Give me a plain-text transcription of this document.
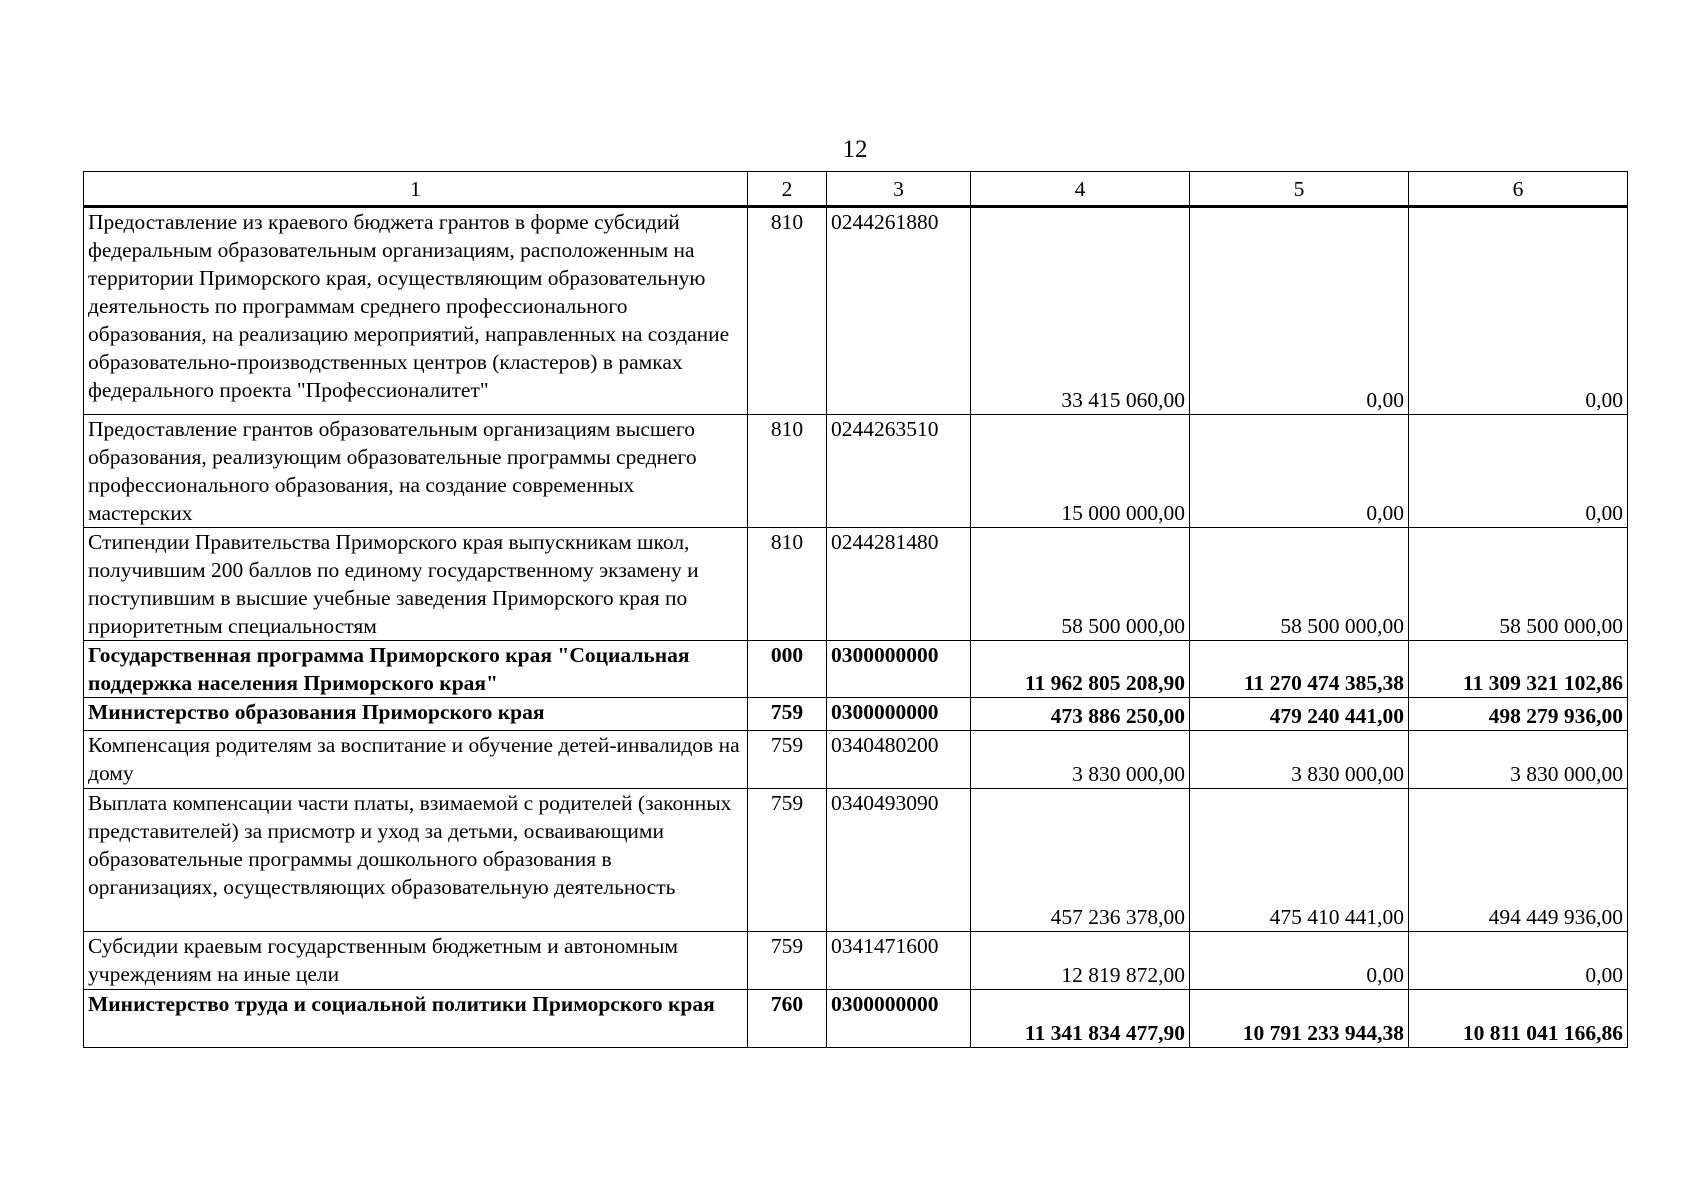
12
1	2	3	4	5	6
Предоставление из краевого бюджета грантов в форме субсидий федеральным образовательным организациям, расположенным на территории Приморского края, осуществляющим образовательную деятельность по программам среднего профессионального образования, на реализацию мероприятий, направленных на создание образовательно-производственных центров (кластеров) в рамках федерального проекта "Профессионалитет"	810	0244261880	33 415 060,00	0,00	0,00
Предоставление грантов образовательным организациям высшего образования, реализующим образовательные программы среднего профессионального образования, на создание современных мастерских	810	0244263510	15 000 000,00	0,00	0,00
Стипендии Правительства Приморского края выпускникам школ, получившим 200 баллов по единому государственному экзамену и поступившим в высшие учебные заведения Приморского края по приоритетным специальностям	810	0244281480	58 500 000,00	58 500 000,00	58 500 000,00
Государственная программа Приморского края "Социальная поддержка населения Приморского края"	000	0300000000	11 962 805 208,90	11 270 474 385,38	11 309 321 102,86
Министерство образования Приморского края	759	0300000000	473 886 250,00	479 240 441,00	498 279 936,00
Компенсация родителям за воспитание и обучение детей-инвалидов на дому	759	0340480200	3 830 000,00	3 830 000,00	3 830 000,00
Выплата компенсации части платы, взимаемой с родителей (законных представителей) за присмотр и уход за детьми, осваивающими образовательные программы дошкольного образования в организациях, осуществляющих образовательную деятельность	759	0340493090	457 236 378,00	475 410 441,00	494 449 936,00
Субсидии краевым государственным бюджетным и автономным учреждениям на иные цели	759	0341471600	12 819 872,00	0,00	0,00
Министерство труда и социальной политики Приморского края	760	0300000000	11 341 834 477,90	10 791 233 944,38	10 811 041 166,86
